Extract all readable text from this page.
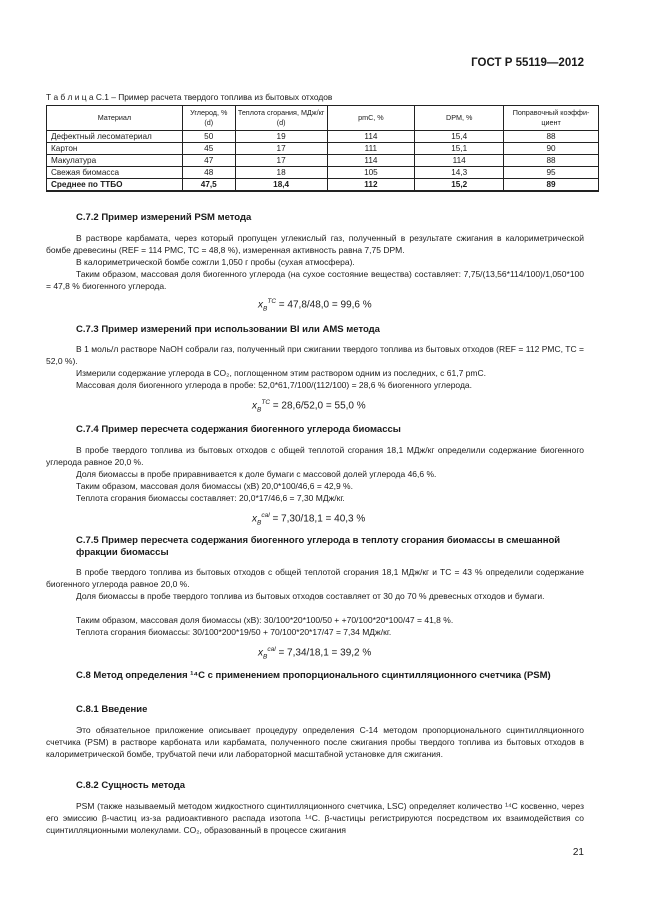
ГОСТ Р 55119—2012
Т а б л и ц а С.1 – Пример расчета твердого топлива из бытовых отходов
Материал	Углерод, % (d)	Теплота сгорания, МДж/кг (d)	pmC, %	DPM, %	Поправочный коэффи-циент
Дефектный лесоматериал	50	19	114	15,4	88
Картон	45	17	111	15,1	90
Макулатура	47	17	114	114	88
Свежая биомасса	48	18	105	14,3	95
Среднее по ТТБО	47,5	18,4	112	15,2	89
С.7.2 Пример измерений PSM метода

В растворе карбамата, через который пропущен углекислый газ, полученный в результате сжигания в калориметрической бомбе древесины (REF = 114 PMC, TC = 48,8 %), измеренная активность равна 7,75 DPM.

В калориметрической бомбе сожгли 1,050 г пробы (сухая атмосфера).

Таким образом, массовая доля биогенного углерода (на сухое состояние вещества) составляет: 7,75/(13,56*114/100)/1,050*100 = 47,8 % биогенного углерода.

$x_B^{TC} = 47,8/48,0 = 99,6$ %
С.7.3 Пример измерений при использовании BI или AMS метода

В 1 моль/л растворе NaOH собрали газ, полученный при сжигании твердого топлива из бытовых отходов (REF = 112 PMC, TC = 52,0 %).

Измерили содержание углерода в CO₂, поглощенном этим раствором одним из последних, с 61,7 pmC.
Массовая доля биогенного углерода в пробе: 52,0*61,7/100/(112/100) = 28,6 % биогенного углерода.
$x_B^{TC} = 28,6/52,0 = 55,0$ %
С.7.4 Пример пересчета содержания биогенного углерода биомассы

В пробе твердого топлива из бытовых отходов с общей теплотой сгорания 18,1 МДж/кг определили содержание биогенного углерода равное 20,0 %.

Доля биомассы в пробе приравнивается к доле бумаги с массовой долей углерода 46,6 %.
Таким образом, массовая доля биомассы (xB) 20,0*100/46,6 = 42,9 %.
Теплота сгорания биомассы составляет: 20,0*17/46,6 = 7,30 МДж/кг.
$x_B^{cal} = 7,30/18,1 = 40,3$ %
С.7.5 Пример пересчета содержания биогенного углерода в теплоту сгорания биомассы в смешанной фракции биомассы

В пробе твердого топлива из бытовых отходов с общей теплотой сгорания 18,1 МДж/кг и TC = 43 % определили содержание биогенного углерода равное 20,0 %.

Доля биомассы в пробе твердого топлива из бытовых отходов составляет от 30 до 70 % древесных отходов и бумаги.

Таким образом, массовая доля биомассы (xB): 30/100*20*100/50 + +70/100*20*100/47 = 41,8 %.
Теплота сгорания биомассы: 30/100*200*19/50 + 70/100*20*17/47 = 7,34 МДж/кг.
$x_B^{cal} = 7,34/18,1 = 39,2$ %
С.8 Метод определения ¹⁴С с применением пропорционального сцинтилляционного счетчика (PSM)
С.8.1 Введение

Это обязательное приложение описывает процедуру определения С-14 методом пропорционального сцинтилляционного счетчика (PSM) в растворе карбоната или карбамата, полученного после сжигания пробы твердого топлива из бытовых отходов в калориметрической бомбе, трубчатой печи или лабораторной масштабной установке для сжигания.

С.8.2 Сущность метода

PSM (также называемый методом жидкостного сцинтилляционного счетчика, LSC) определяет количество ¹⁴С косвенно, через его эмиссию β-частиц из-за радиоактивного распада изотопа ¹⁴С. β-частицы регистрируются посредством их взаимодействия со сцинтилляционными молекулами. CO₂, образованный в процессе сжигания

21
